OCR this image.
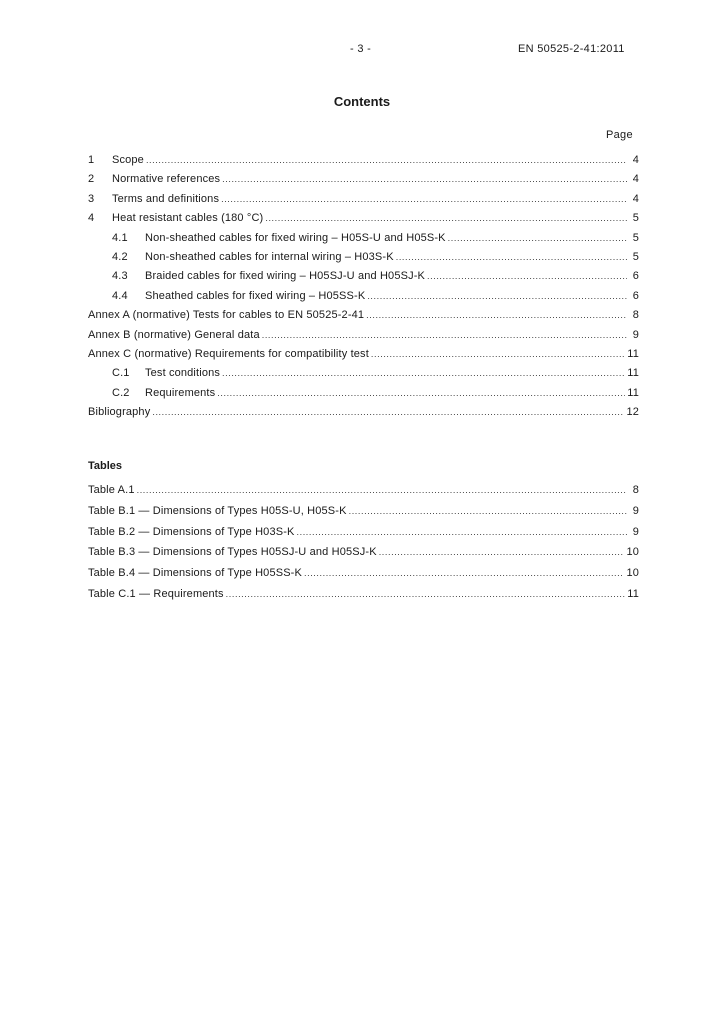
- 3 -	EN 50525-2-41:2011
Contents
Page
1	Scope .....	4
2	Normative references .....	4
3	Terms and definitions .....	4
4	Heat resistant cables (180 °C) .....	5
4.1	Non-sheathed cables for fixed wiring – H05S-U and H05S-K .....	5
4.2	Non-sheathed cables for internal wiring – H03S-K .....	5
4.3	Braided cables for fixed wiring – H05SJ-U and H05SJ-K .....	6
4.4	Sheathed cables for fixed wiring – H05SS-K .....	6
Annex A (normative) Tests for cables to EN 50525-2-41 .....	8
Annex B (normative) General data .....	9
Annex C (normative) Requirements for compatibility test .....	11
C.1	Test conditions .....	11
C.2	Requirements .....	11
Bibliography .....	12
Tables
Table A.1 .....	8
Table B.1 — Dimensions of Types H05S-U, H05S-K .....	9
Table B.2 — Dimensions of Type H03S-K .....	9
Table B.3 — Dimensions of Types H05SJ-U and H05SJ-K .....	10
Table B.4 — Dimensions of Type H05SS-K .....	10
Table C.1 — Requirements .....	11
